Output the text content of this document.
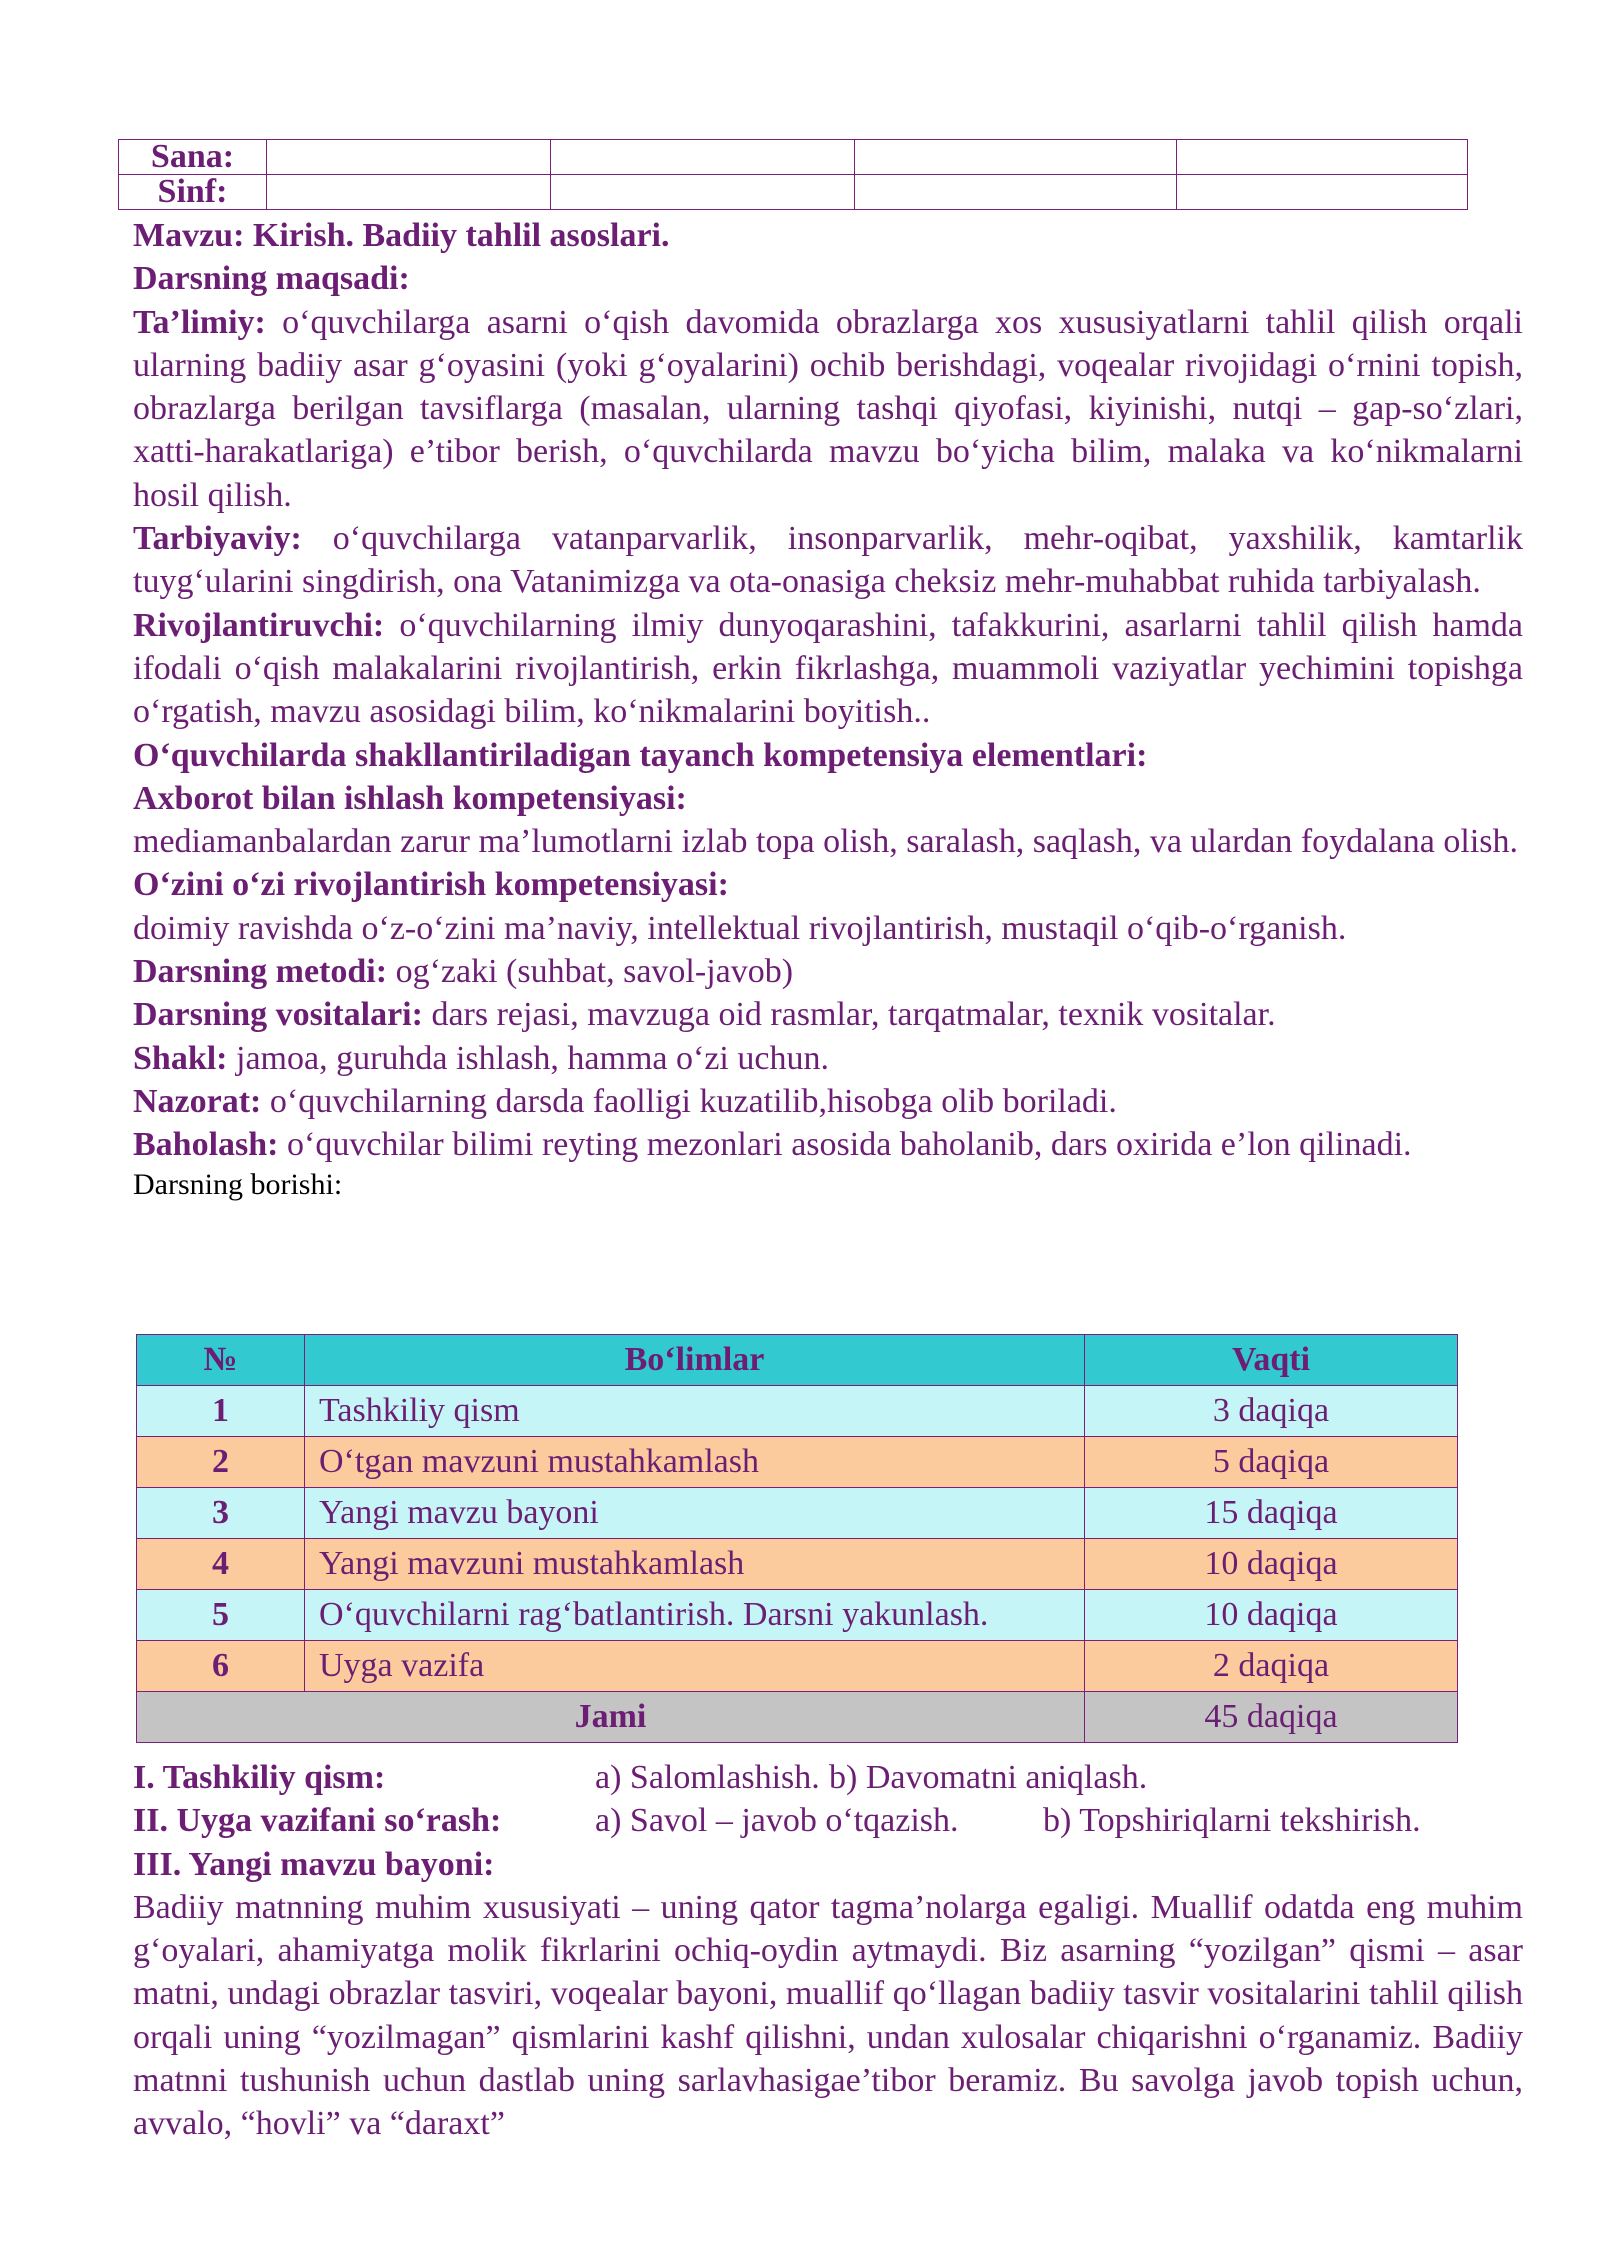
Sana:				
Sinf:				

Mavzu: Kirish. Badiiy tahlil asoslari.

Darsning maqsadi:

Ta’limiy: o‘quvchilarga asarni o‘qish davomida obrazlarga xos xususiyatlarni tahlil qilish orqali ularning badiiy asar g‘oyasini (yoki g‘oyalarini) ochib berishdagi, voqealar rivojidagi o‘rnini topish, obrazlarga berilgan tavsiflarga (masalan, ularning tashqi qiyofasi, kiyinishi, nutqi – gap-so‘zlari, xatti-harakatlariga) e’tibor berish, o‘quvchilarda mavzu bo‘yicha bilim, malaka va ko‘nikmalarni hosil qilish.

Tarbiyaviy: o‘quvchilarga vatanparvarlik, insonparvarlik, mehr-oqibat, yaxshilik, kamtarlik tuyg‘ularini singdirish, ona Vatanimizga va ota-onasiga cheksiz mehr-muhabbat ruhida tarbiyalash.

Rivojlantiruvchi: o‘quvchilarning ilmiy dunyoqarashini, tafakkurini, asarlarni tahlil qilish hamda ifodali o‘qish malakalarini rivojlantirish, erkin fikrlashga, muammoli vaziyatlar yechimini topishga o‘rgatish, mavzu asosidagi bilim, ko‘nikmalarini boyitish..

O‘quvchilarda shakllantiriladigan tayanch kompetensiya elementlari:

Axborot bilan ishlash kompetensiyasi:

mediamanbalardan zarur ma’lumotlarni izlab topa olish, saralash, saqlash, va ulardan foydalana olish.

O‘zini o‘zi rivojlantirish kompetensiyasi:

doimiy ravishda o‘z-o‘zini ma’naviy, intellektual rivojlantirish, mustaqil o‘qib-o‘rganish.

Darsning metodi: og‘zaki (suhbat, savol-javob)

Darsning vositalari: dars rejasi, mavzuga oid rasmlar, tarqatmalar, texnik vositalar.

Shakl: jamoa, guruhda ishlash, hamma o‘zi uchun.

Nazorat: o‘quvchilarning darsda faolligi kuzatilib,hisobga olib boriladi.

Baholash: o‘quvchilar bilimi reyting mezonlari asosida baholanib, dars oxirida e’lon qilinadi.

Darsning borishi:

№	Bo‘limlar	Vaqti
1	Tashkiliy qism	3 daqiqa
2	O‘tgan mavzuni mustahkamlash	5 daqiqa
3	Yangi mavzu bayoni	15 daqiqa
4	Yangi mavzuni mustahkamlash	10 daqiqa
5	O‘quvchilarni rag‘batlantirish. Darsni yakunlash.	10 daqiqa
6	Uyga vazifa	2 daqiqa
Jami		45 daqiqa
I. Tashkiliy qism:	a) Salomlashish. b) Davomatni aniqlash.
II. Uyga vazifani so‘rash:	a) Savol – javob o‘tqazish.	b) Topshiriqlarni tekshirish.

III. Yangi mavzu bayoni:

Badiiy matnning muhim xususiyati – uning qator tagma’nolarga egaligi. Muallif odatda eng muhim g‘oyalari, ahamiyatga molik fikrlarini ochiq-oydin aytmaydi. Biz asarning “yozilgan” qismi – asar matni, undagi obrazlar tasviri, voqealar bayoni, muallif qo‘llagan badiiy tasvir vositalarini tahlil qilish orqali uning “yozilmagan” qismlarini kashf qilishni, undan xulosalar chiqarishni o‘rganamiz. Badiiy matnni tushunish uchun dastlab uning sarlavhasigae’tibor beramiz. Bu savolga javob topish uchun, avvalo, “hovli” va “daraxt”
